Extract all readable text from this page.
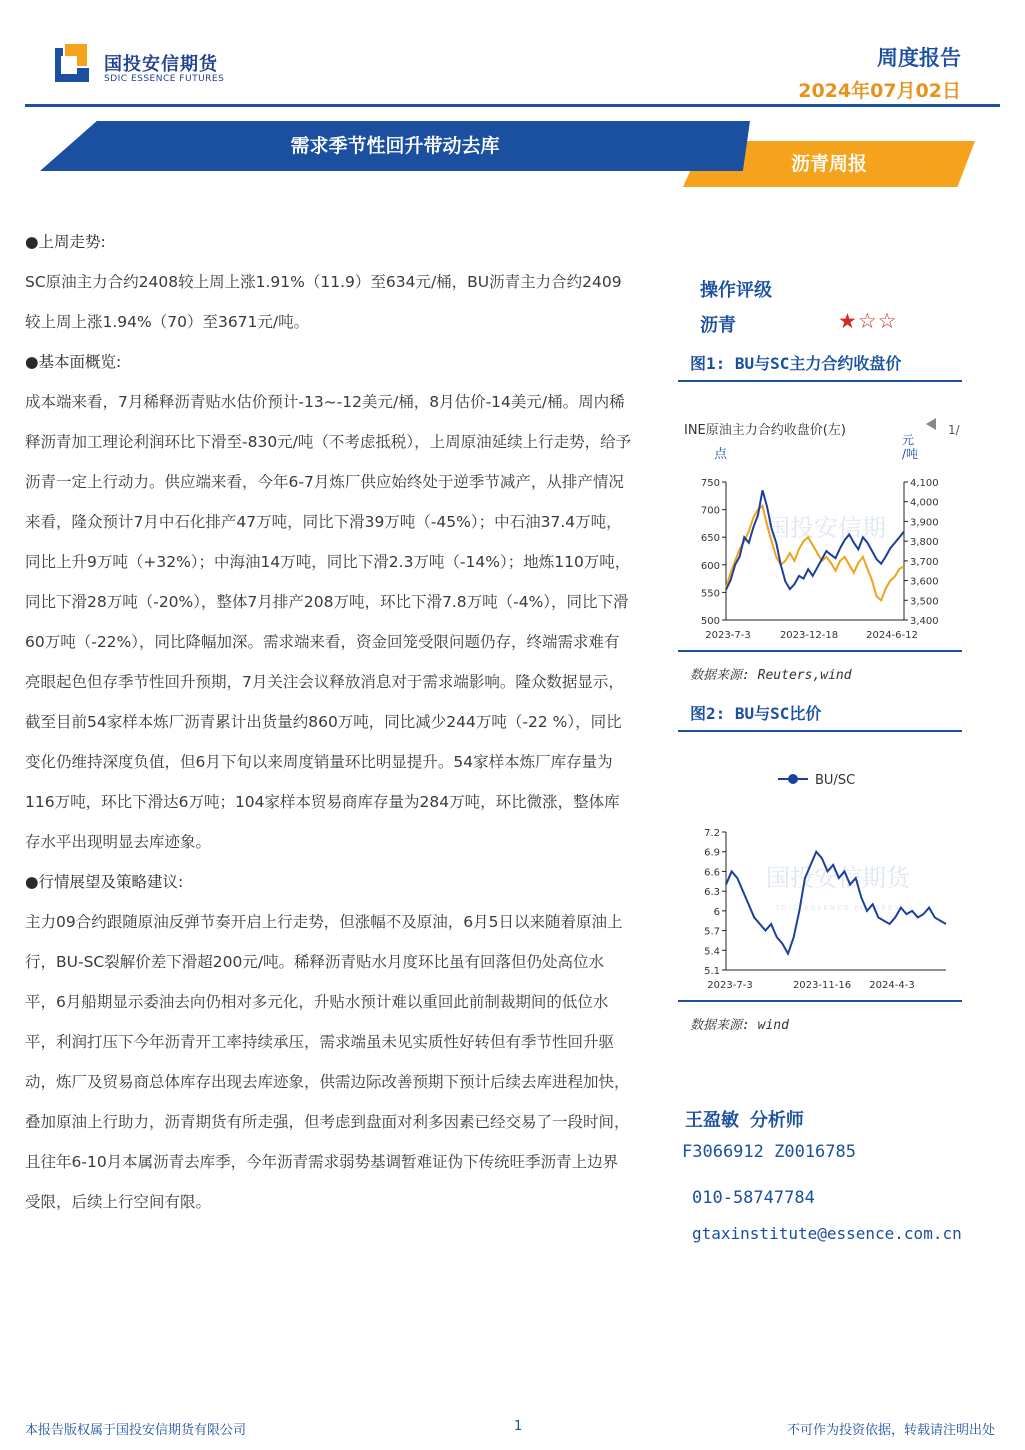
国投安信期货
SDIC ESSENCE FUTURES
周度报告
2024年07月02日
需求季节性回升带动去库
沥青周报

●上周走势:

SC原油主力合约2408较上周上涨1.91%（11.9）至634元/桶，BU沥青主力合约2409较上周上涨1.94%（70）至3671元/吨。

●基本面概览:

成本端来看，7月稀释沥青贴水估价预计-13~-12美元/桶，8月估价-14美元/桶。周内稀释沥青加工理论利润环比下滑至-830元/吨（不考虑抵税），上周原油延续上行走势，给予沥青一定上行动力。供应端来看，今年6-7月炼厂供应始终处于逆季节减产，从排产情况来看，隆众预计7月中石化排产47万吨，同比下滑39万吨（-45%）；中石油37.4万吨，同比上升9万吨（+32%）；中海油14万吨，同比下滑2.3万吨（-14%）；地炼110万吨，同比下滑28万吨（-20%），整体7月排产208万吨，环比下滑7.8万吨（-4%），同比下滑60万吨（-22%），同比降幅加深。需求端来看，资金回笼受限问题仍存，终端需求难有亮眼起色但存季节性回升预期，7月关注会议释放消息对于需求端影响。隆众数据显示，截至目前54家样本炼厂沥青累计出货量约860万吨，同比减少244万吨（-22 %），同比变化仍维持深度负值，但6月下旬以来周度销量环比明显提升。54家样本炼厂库存量为116万吨，环比下滑达6万吨；104家样本贸易商库存量为284万吨，环比微涨，整体库存水平出现明显去库迹象。

●行情展望及策略建议:

主力09合约跟随原油反弹节奏开启上行走势，但涨幅不及原油，6月5日以来随着原油上行，BU-SC裂解价差下滑超200元/吨。稀释沥青贴水月度环比虽有回落但仍处高位水平，6月船期显示委油去向仍相对多元化，升贴水预计难以重回此前制裁期间的低位水平，利润打压下今年沥青开工率持续承压，需求端虽未见实质性好转但有季节性回升驱动，炼厂及贸易商总体库存出现去库迹象，供需边际改善预期下预计后续去库进程加快，叠加原油上行助力，沥青期货有所走强，但考虑到盘面对利多因素已经交易了一段时间，且往年6-10月本属沥青去库季，今年沥青需求弱势基调暂难证伪下传统旺季沥青上边界受限，后续上行空间有限。

操作评级
沥青	★☆☆
图1: BU与SC主力合约收盘价
国投安信期
INE原油主力合约收盘价(左)	1/
点
元
/吨
500
550
600
650
700
750
3,400
3,500
3,600
3,700
3,800
3,900
4,000
4,100
2023-7-3	2023-12-18	2024-6-12
数据来源: Reuters,wind
图2: BU与SC比价
国投安信期货
SDIC ESSENCE FUTURES
BU/SC
5.1
5.4
5.7
6
6.3
6.6
6.9
7.2
2023-7-3	2023-11-16 2024-4-3
数据来源: wind
王盈敏 分析师
F3066912 Z0016785
010-58747784
gtaxinstitute@essence.com.cn
本报告版权属于国投安信期货有限公司	1	不可作为投资依据，转载请注明出处
